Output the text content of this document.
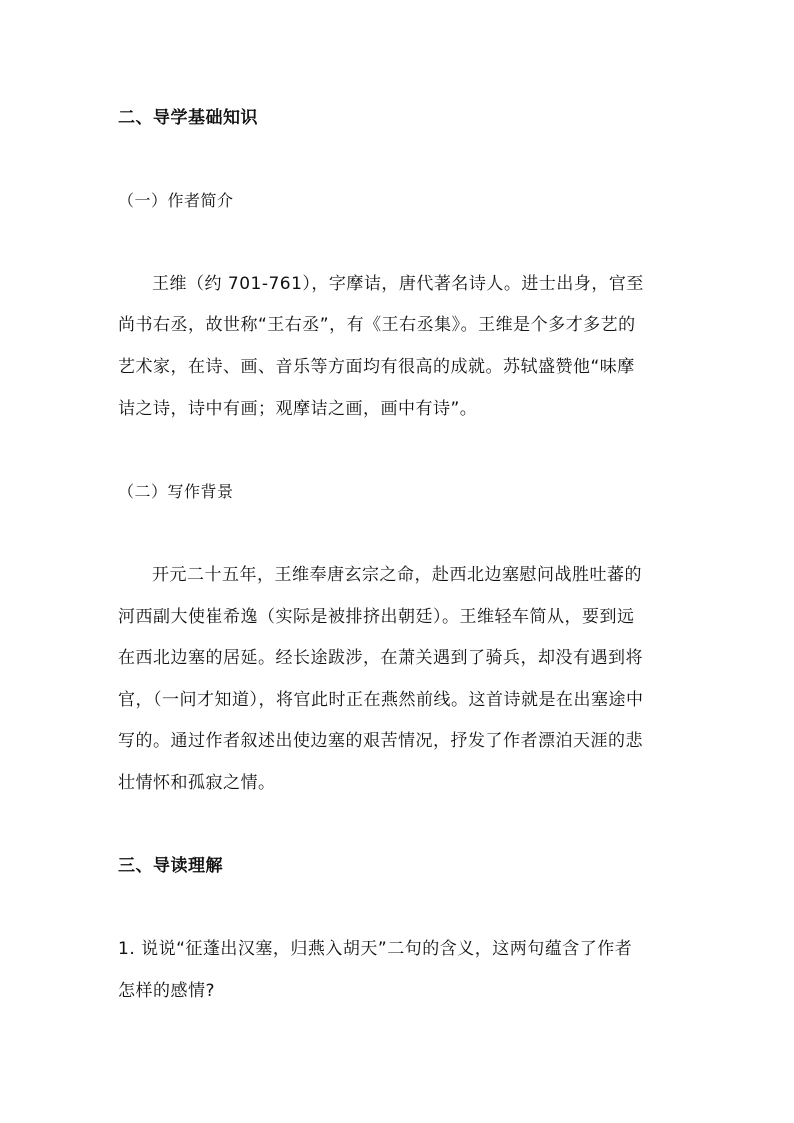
二、导学基础知识
（一）作者简介
王维（约 701-761），字摩诘，唐代著名诗人。进士出身，官至
尚书右丞，故世称“王右丞”，有《王右丞集》。王维是个多才多艺的
艺术家，在诗、画、音乐等方面均有很高的成就。苏轼盛赞他“味摩
诘之诗，诗中有画；观摩诘之画，画中有诗”。
（二）写作背景
开元二十五年，王维奉唐玄宗之命，赴西北边塞慰问战胜吐蕃的
河西副大使崔希逸（实际是被排挤出朝廷）。王维轻车简从，要到远
在西北边塞的居延。经长途跋涉，在萧关遇到了骑兵，却没有遇到将
官，（一问才知道），将官此时正在燕然前线。这首诗就是在出塞途中
写的。通过作者叙述出使边塞的艰苦情况，抒发了作者漂泊天涯的悲
壮情怀和孤寂之情。
三、导读理解
1. 说说“征蓬出汉塞，归燕入胡天”二句的含义，这两句蕴含了作者
怎样的感情?
